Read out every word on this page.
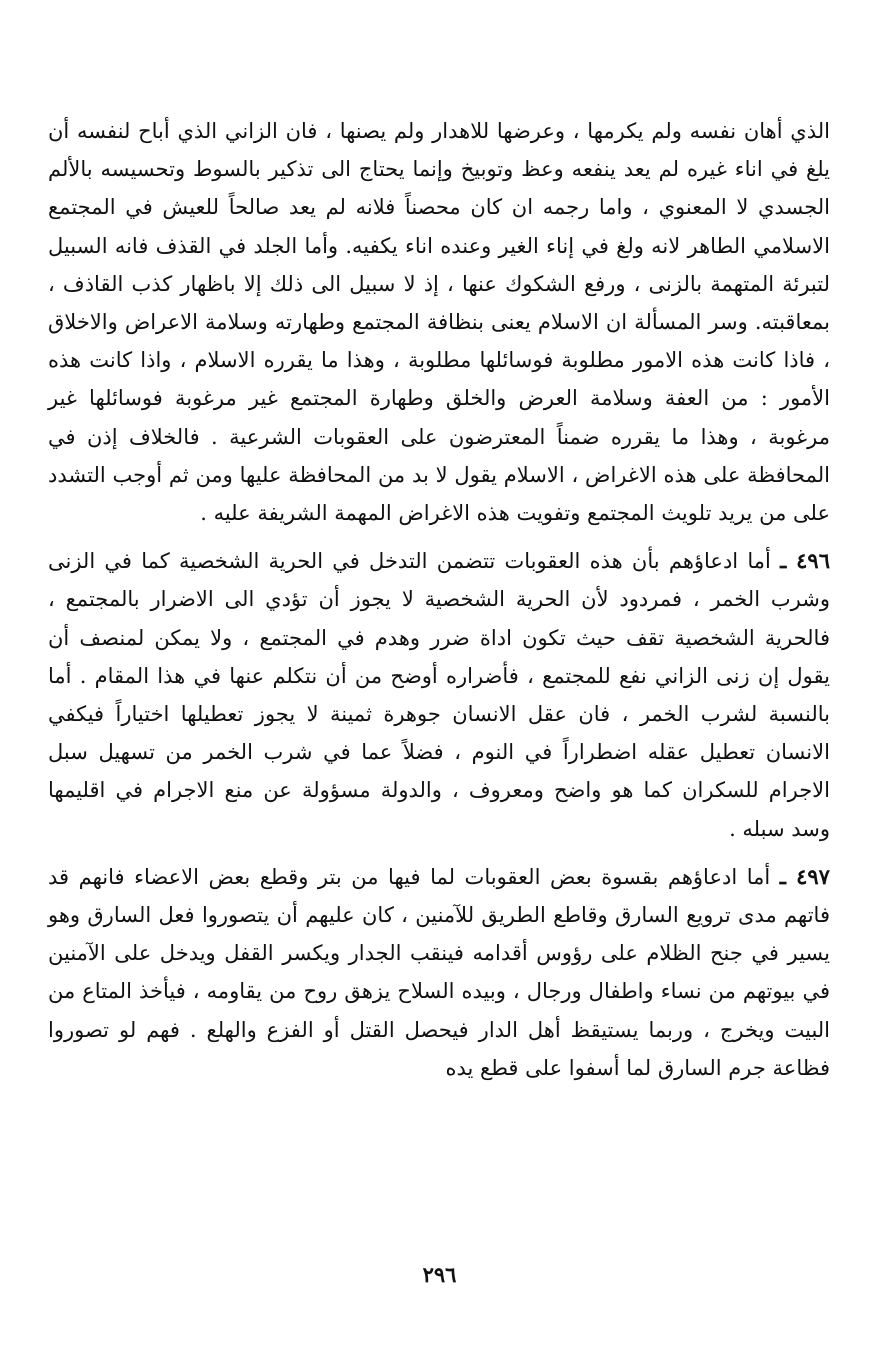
الذي أهان نفسه ولم يكرمها ، وعرضها للاهدار ولم يصنها ، فان الزاني الذي أباح لنفسه أن يلغ في اناء غيره لم يعد ينفعه وعظ وتوبيخ وإنما يحتاج الى تذكير بالسوط وتحسيسه بالألم الجسدي لا المعنوي ، واما رجمه ان كان محصناً فلانه لم يعد صالحاً للعيش في المجتمع الاسلامي الطاهر لانه ولغ في إناء الغير وعنده اناء يكفيه. وأما الجلد في القذف فانه السبيل لتبرئة المتهمة بالزنى ، ورفع الشكوك عنها ، إذ لا سبيل الى ذلك إلا باظهار كذب القاذف ، بمعاقبته. وسر المسألة ان الاسلام يعنى بنظافة المجتمع وطهارته وسلامة الاعراض والاخلاق ، فاذا كانت هذه الامور مطلوبة فوسائلها مطلوبة ، وهذا ما يقرره الاسلام ، واذا كانت هذه الأمور : من العفة وسلامة العرض والخلق وطهارة المجتمع غير مرغوبة فوسائلها غير مرغوبة ، وهذا ما يقرره ضمناً المعترضون على العقوبات الشرعية . فالخلاف إذن في المحافظة على هذه الاغراض ، الاسلام يقول لا بد من المحافظة عليها ومن ثم أوجب التشدد على من يريد تلويث المجتمع وتفويت هذه الاغراض المهمة الشريفة عليه .

٤٩٦ ـ أما ادعاؤهم بأن هذه العقوبات تتضمن التدخل في الحرية الشخصية كما في الزنى وشرب الخمر ، فمردود لأن الحرية الشخصية لا يجوز أن تؤدي الى الاضرار بالمجتمع ، فالحرية الشخصية تقف حيث تكون اداة ضرر وهدم في المجتمع ، ولا يمكن لمنصف أن يقول إن زنى الزاني نفع للمجتمع ، فأضراره أوضح من أن نتكلم عنها في هذا المقام . أما بالنسبة لشرب الخمر ، فان عقل الانسان جوهرة ثمينة لا يجوز تعطيلها اختياراً فيكفي الانسان تعطيل عقله اضطراراً في النوم ، فضلاً عما في شرب الخمر من تسهيل سبل الاجرام للسكران كما هو واضح ومعروف ، والدولة مسؤولة عن منع الاجرام في اقليمها وسد سبله .

٤٩٧ ـ أما ادعاؤهم بقسوة بعض العقوبات لما فيها من بتر وقطع بعض الاعضاء فانهم قد فاتهم مدى ترويع السارق وقاطع الطريق للآمنين ، كان عليهم أن يتصوروا فعل السارق وهو يسير في جنح الظلام على رؤوس أقدامه فينقب الجدار ويكسر القفل ويدخل على الآمنين في بيوتهم من نساء واطفال ورجال ، وبيده السلاح يزهق روح من يقاومه ، فيأخذ المتاع من البيت ويخرج ، وربما يستيقظ أهل الدار فيحصل القتل أو الفزع والهلع . فهم لو تصوروا فظاعة جرم السارق لما أسفوا على قطع يده

٢٩٦
